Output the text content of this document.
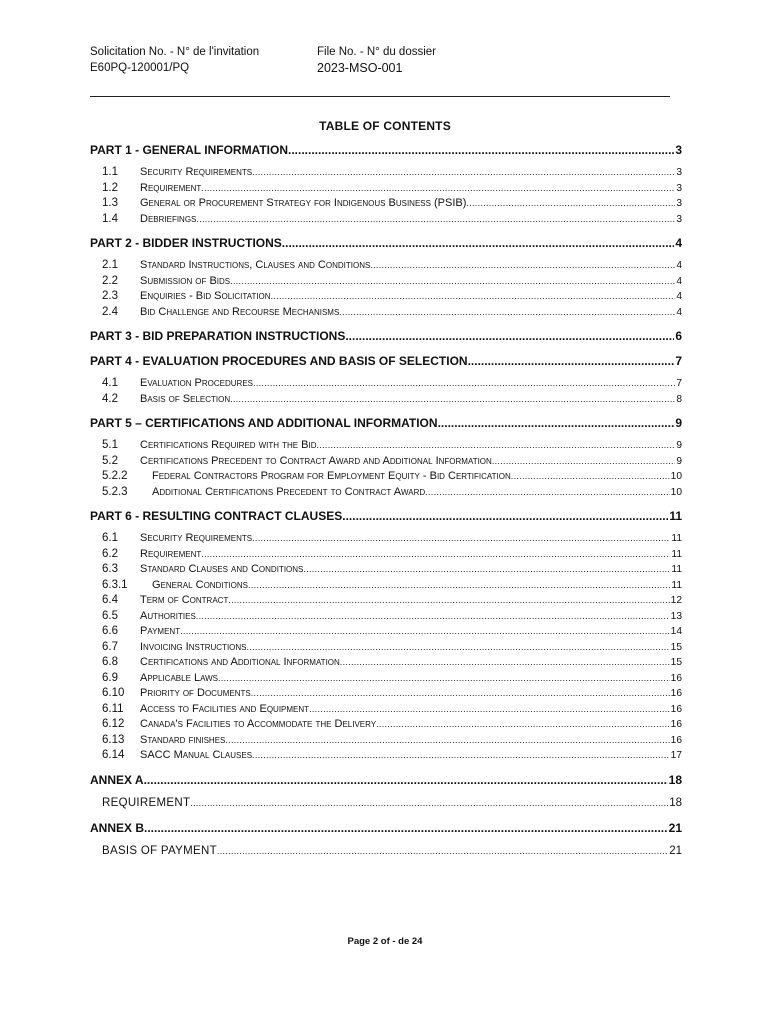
Solicitation No. - N° de l'invitation
E60PQ-120001/PQ
File No. - N° du dossier
2023-MSO-001
TABLE OF CONTENTS
PART 1 - GENERAL INFORMATION .....	3
1.1	Security Requirements .....	3
1.2	Requirement .....	3
1.3	General or Procurement Strategy for Indigenous Business (PSIB) .....	3
1.4	Debriefings .....	3
PART 2 - BIDDER INSTRUCTIONS .....	4
2.1	Standard Instructions, Clauses and Conditions .....	4
2.2	Submission of Bids .....	4
2.3	Enquiries - Bid Solicitation .....	4
2.4	Bid Challenge and Recourse Mechanisms .....	4
PART 3 - BID PREPARATION INSTRUCTIONS .....	6
PART 4 - EVALUATION PROCEDURES AND BASIS OF SELECTION .....	7
4.1	Evaluation Procedures .....	7
4.2	Basis of Selection .....	8
PART 5 – CERTIFICATIONS AND ADDITIONAL INFORMATION .....	9
5.1	Certifications Required with the Bid .....	9
5.2	Certifications Precedent to Contract Award and Additional Information .....	9
5.2.2	Federal Contractors Program for Employment Equity - Bid Certification .....	10
5.2.3	Additional Certifications Precedent to Contract Award .....	10
PART 6 - RESULTING CONTRACT CLAUSES .....	11
6.1	Security Requirements .....	11
6.2	Requirement .....	11
6.3	Standard Clauses and Conditions .....	11
6.3.1	General Conditions .....	11
6.4	Term of Contract .....	12
6.5	Authorities .....	13
6.6	Payment .....	14
6.7	Invoicing Instructions .....	15
6.8	Certifications and Additional Information .....	15
6.9	Applicable Laws .....	16
6.10	Priority of Documents .....	16
6.11	Access to Facilities and Equipment .....	16
6.12	Canada's Facilities to Accommodate the Delivery .....	16
6.13	Standard finishes .....	16
6.14	SACC Manual Clauses .....	17
ANNEX A .....	18
REQUIREMENT .....	18
ANNEX B .....	21
BASIS OF PAYMENT .....	21
Page 2 of - de 24
